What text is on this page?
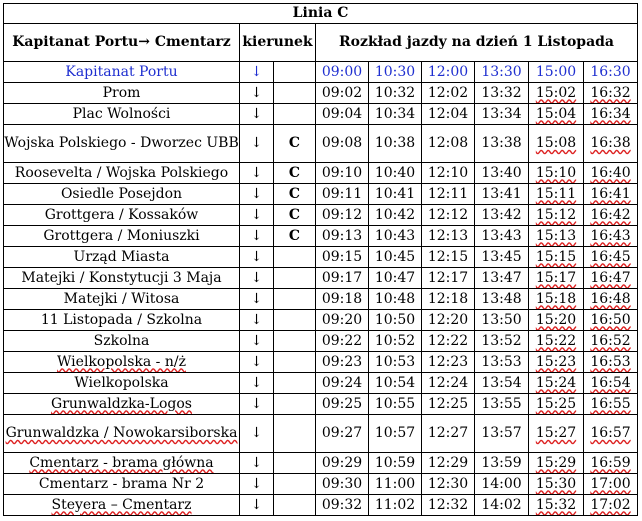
Linia C								
Kapitanat Portu→ Cmentarz	kierunek		Rozkład jazdy na dzień 1 Listopada					
Kapitanat Portu	↓		09:00	10:30	12:00	13:30	15:00	16:30
Prom	↓		09:02	10:32	12:02	13:32	15:02	16:32
Plac Wolności	↓		09:04	10:34	12:04	13:34	15:04	16:34
Wojska Polskiego - Dworzec UBB	↓	C	09:08	10:38	12:08	13:38	15:08	16:38
Roosevelta / Wojska Polskiego	↓	C	09:10	10:40	12:10	13:40	15:10	16:40
Osiedle Posejdon	↓	C	09:11	10:41	12:11	13:41	15:11	16:41
Grottgera / Kossaków	↓	C	09:12	10:42	12:12	13:42	15:12	16:42
Grottgera / Moniuszki	↓	C	09:13	10:43	12:13	13:43	15:13	16:43
Urząd Miasta	↓		09:15	10:45	12:15	13:45	15:15	16:45
Matejki / Konstytucji 3 Maja	↓		09:17	10:47	12:17	13:47	15:17	16:47
Matejki / Witosa	↓		09:18	10:48	12:18	13:48	15:18	16:48
11 Listopada / Szkolna	↓		09:20	10:50	12:20	13:50	15:20	16:50
Szkolna	↓		09:22	10:52	12:22	13:52	15:22	16:52
Wielkopolska - n/ż	↓		09:23	10:53	12:23	13:53	15:23	16:53
Wielkopolska	↓		09:24	10:54	12:24	13:54	15:24	16:54
Grunwaldzka-Logos	↓		09:25	10:55	12:25	13:55	15:25	16:55
Grunwaldzka / Nowokarsiborska	↓		09:27	10:57	12:27	13:57	15:27	16:57
Cmentarz - brama główna	↓		09:29	10:59	12:29	13:59	15:29	16:59
Cmentarz - brama Nr 2	↓		09:30	11:00	12:30	14:00	15:30	17:00
Steyera – Cmentarz	↓		09:32	11:02	12:32	14:02	15:32	17:02
